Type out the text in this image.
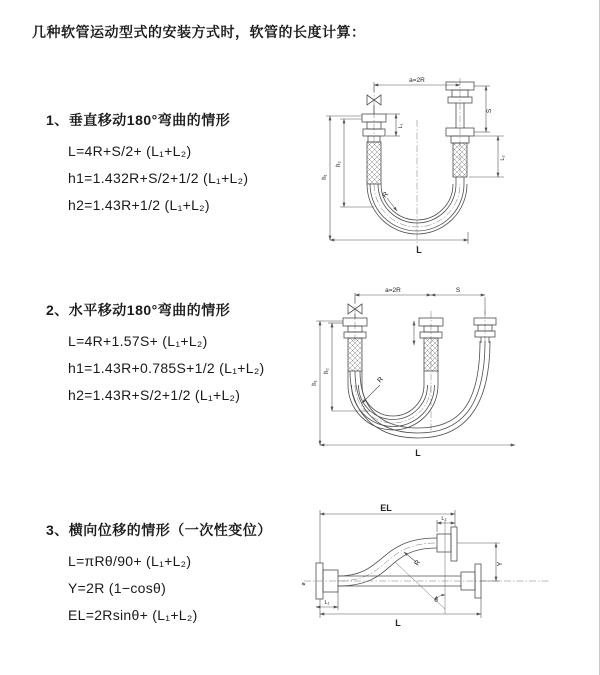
几种软管运动型式的安装方式时，软管的长度计算：
1、垂直移动180°弯曲的情形
L=4R+S/2+ (L₁+L₂)
h1=1.432R+S/2+1/2 (L₁+L₂)
h2=1.43R+1/2 (L₁+L₂)
2、水平移动180°弯曲的情形
L=4R+1.57S+ (L₁+L₂)
h1=1.43R+0.785S+1/2 (L₁+L₂)
h2=1.43R+S/2+1/2 (L₁+L₂)
3、横向位移的情形（一次性变位）
L=πRθ/90+ (L₁+L₂)
Y=2R (1−cosθ)
EL=2Rsinθ+ (L₁+L₂)
a=2R
S
L₂
L₁
h₁
h₂
L
R
a=2R	S
h₁
h₂
L
R
EL
L₂
Y
L
L₁
R
θ
ø
